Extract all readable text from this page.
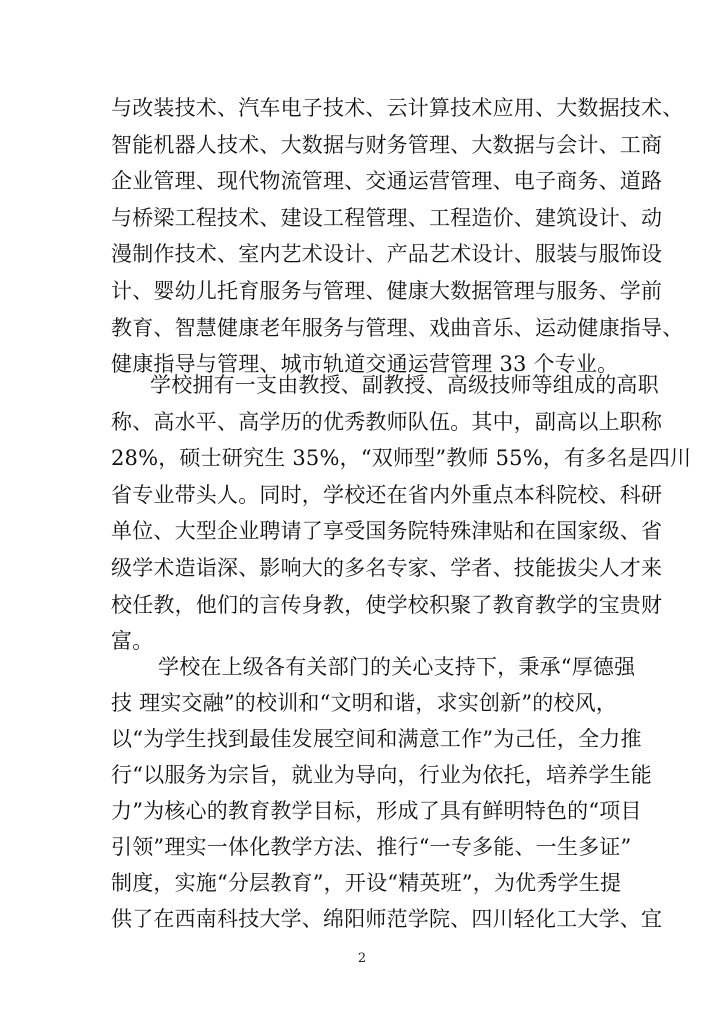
与改装技术、汽车电子技术、云计算技术应用、大数据技术、
智能机器人技术、大数据与财务管理、大数据与会计、工商
企业管理、现代物流管理、交通运营管理、电子商务、道路
与桥梁工程技术、建设工程管理、工程造价、建筑设计、动
漫制作技术、室内艺术设计、产品艺术设计、服装与服饰设
计、婴幼儿托育服务与管理、健康大数据管理与服务、学前
教育、智慧健康老年服务与管理、戏曲音乐、运动健康指导、
健康指导与管理、城市轨道交通运营管理 33 个专业。
学校拥有一支由教授、副教授、高级技师等组成的高职
称、高水平、高学历的优秀教师队伍。其中，副高以上职称
28%，硕士研究生 35%，“双师型”教师 55%，有多名是四川
省专业带头人。同时，学校还在省内外重点本科院校、科研
单位、大型企业聘请了享受国务院特殊津贴和在国家级、省
级学术造诣深、影响大的多名专家、学者、技能拔尖人才来
校任教，他们的言传身教，使学校积聚了教育教学的宝贵财
富。
学校在上级各有关部门的关心支持下，秉承“厚德强
技 理实交融”的校训和“文明和谐，求实创新”的校风，
以“为学生找到最佳发展空间和满意工作”为己任，全力推
行“以服务为宗旨，就业为导向，行业为依托，培养学生能
力”为核心的教育教学目标，形成了具有鲜明特色的“项目
引领”理实一体化教学方法、推行“一专多能、一生多证”
制度，实施“分层教育”，开设“精英班”，为优秀学生提
2
供了在西南科技大学、绵阳师范学院、四川轻化工大学、宜
